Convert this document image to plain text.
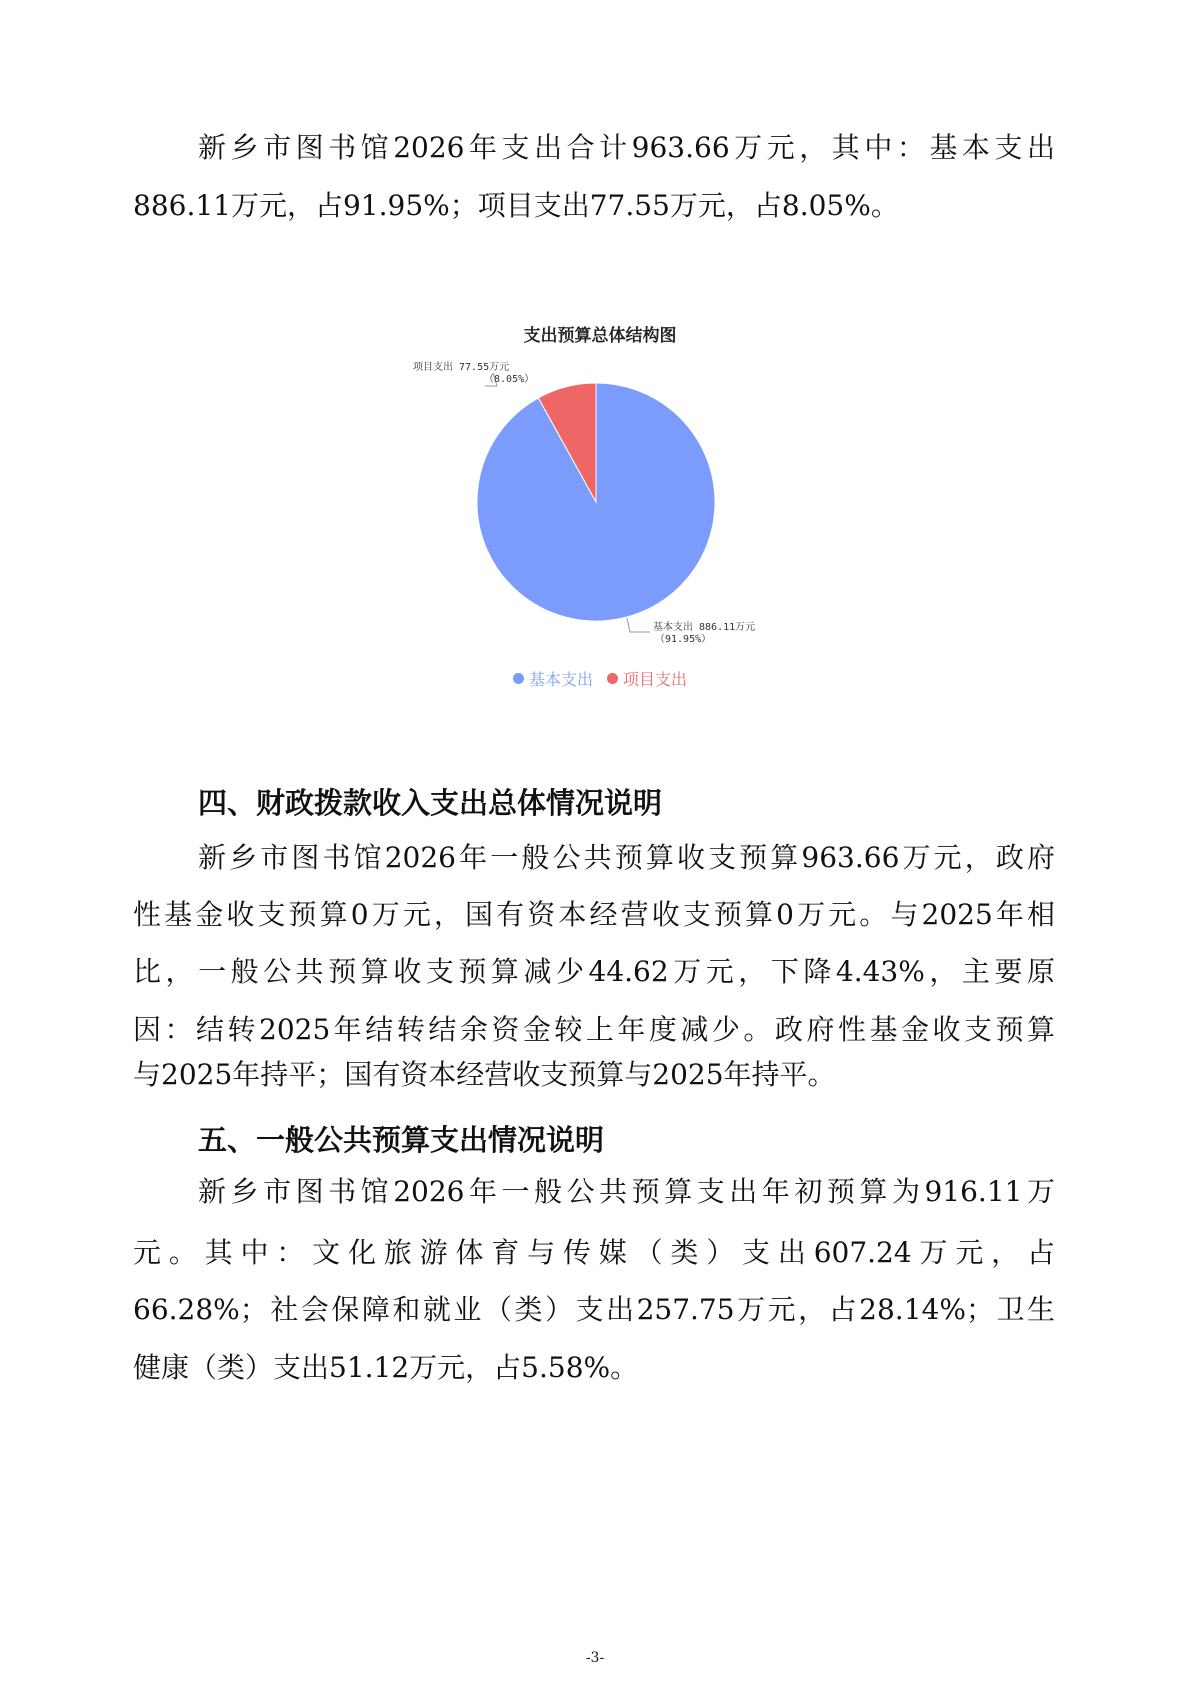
新乡市图书馆2026年支出合计963.66万元，其中：基本支出
886.11万元，占91.95%；项目支出77.55万元，占8.05%。
支出预算总体结构图
项目支出 77.55万元
（8.05%）
基本支出 886.11万元
（91.95%）
基本支出 项目支出
四、财政拨款收入支出总体情况说明
新乡市图书馆2026年一般公共预算收支预算963.66万元，政府
性基金收支预算0万元，国有资本经营收支预算0万元。与2025年相
比，一般公共预算收支预算减少44.62万元，下降4.43%，主要原
因：结转2025年结转结余资金较上年度减少。政府性基金收支预算
与2025年持平；国有资本经营收支预算与2025年持平。
五、一般公共预算支出情况说明
新乡市图书馆2026年一般公共预算支出年初预算为916.11万
元。其中：文化旅游体育与传媒（类）支出607.24万元，占
66.28%；社会保障和就业（类）支出257.75万元，占28.14%；卫生
健康（类）支出51.12万元，占5.58%。
-3-
